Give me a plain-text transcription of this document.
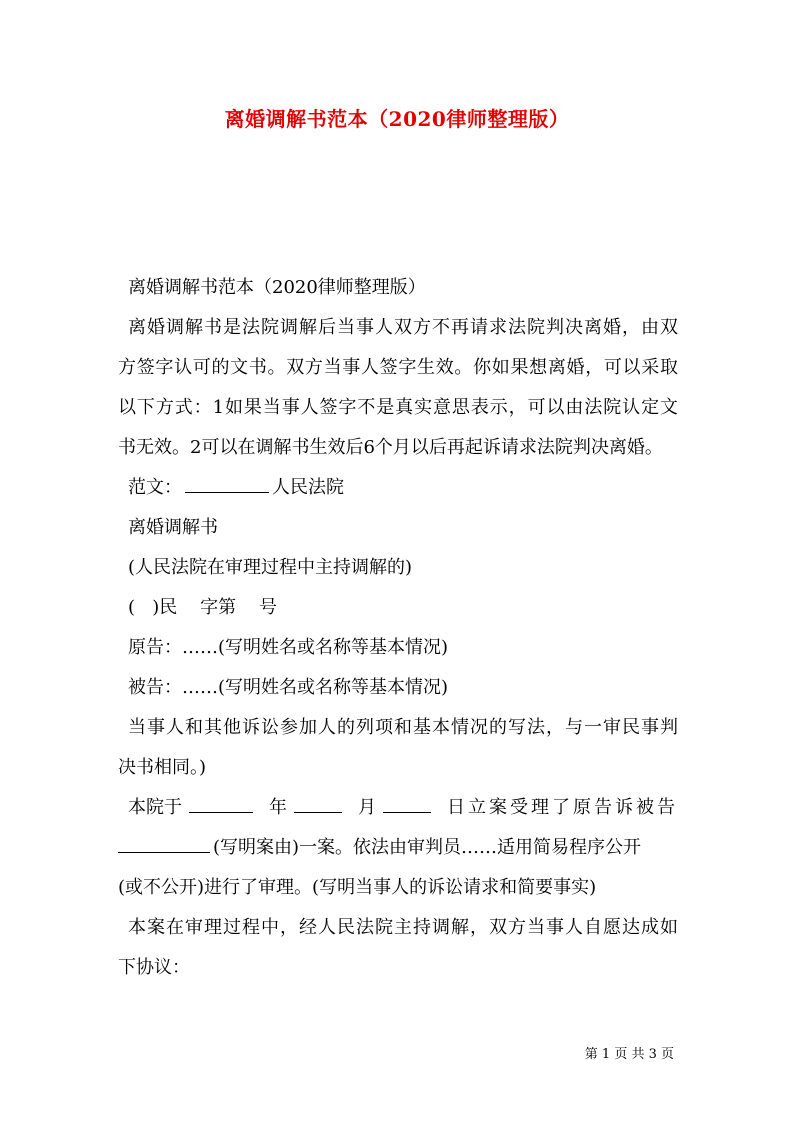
离婚调解书范本（2020律师整理版）

离婚调解书范本（2020律师整理版）

离婚调解书是法院调解后当事人双方不再请求法院判决离婚，由双

方签字认可的文书。双方当事人签字生效。你如果想离婚，可以采取

以下方式：1如果当事人签字不是真实意思表示，可以由法院认定文

书无效。2可以在调解书生效后6个月以后再起诉请求法院判决离婚。

范文：	人民法院

离婚调解书

(人民法院在审理过程中主持调解的)

(   )民    字第    号

原告：……(写明姓名或名称等基本情况)

被告：……(写明姓名或名称等基本情况)

当事人和其他诉讼参加人的列项和基本情况的写法，与一审民事判

决书相同。)

本院于	年	月	日立案受理了原告诉被告

(写明案由)一案。依法由审判员……适用简易程序公开

(或不公开)进行了审理。(写明当事人的诉讼请求和简要事实)

本案在审理过程中，经人民法院主持调解，双方当事人自愿达成如

下协议：

第 1 页 共 3 页
